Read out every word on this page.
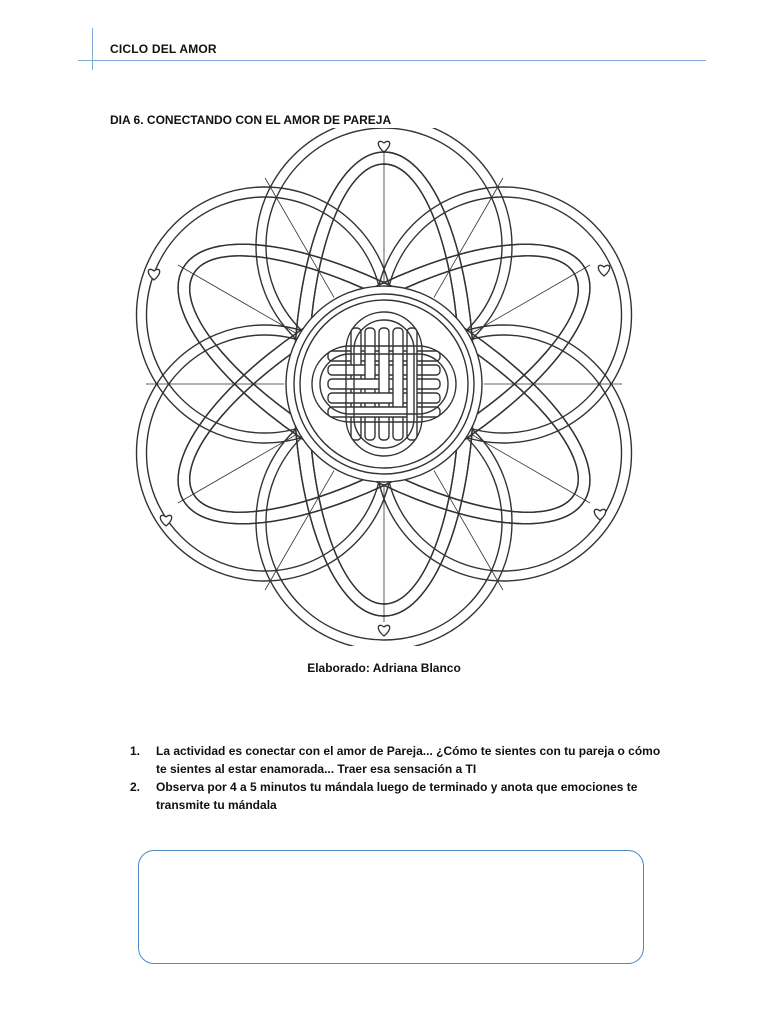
CICLO DEL AMOR
DIA 6. CONECTANDO CON EL AMOR DE PAREJA
Elaborado: Adriana Blanco
1. La actividad es conectar con el amor de Pareja... ¿Cómo te sientes con tu pareja o cómo te sientes al estar enamorada... Traer esa sensación a TI
2. Observa por 4 a 5 minutos tu mándala luego de terminado y anota que emociones te transmite tu mándala
